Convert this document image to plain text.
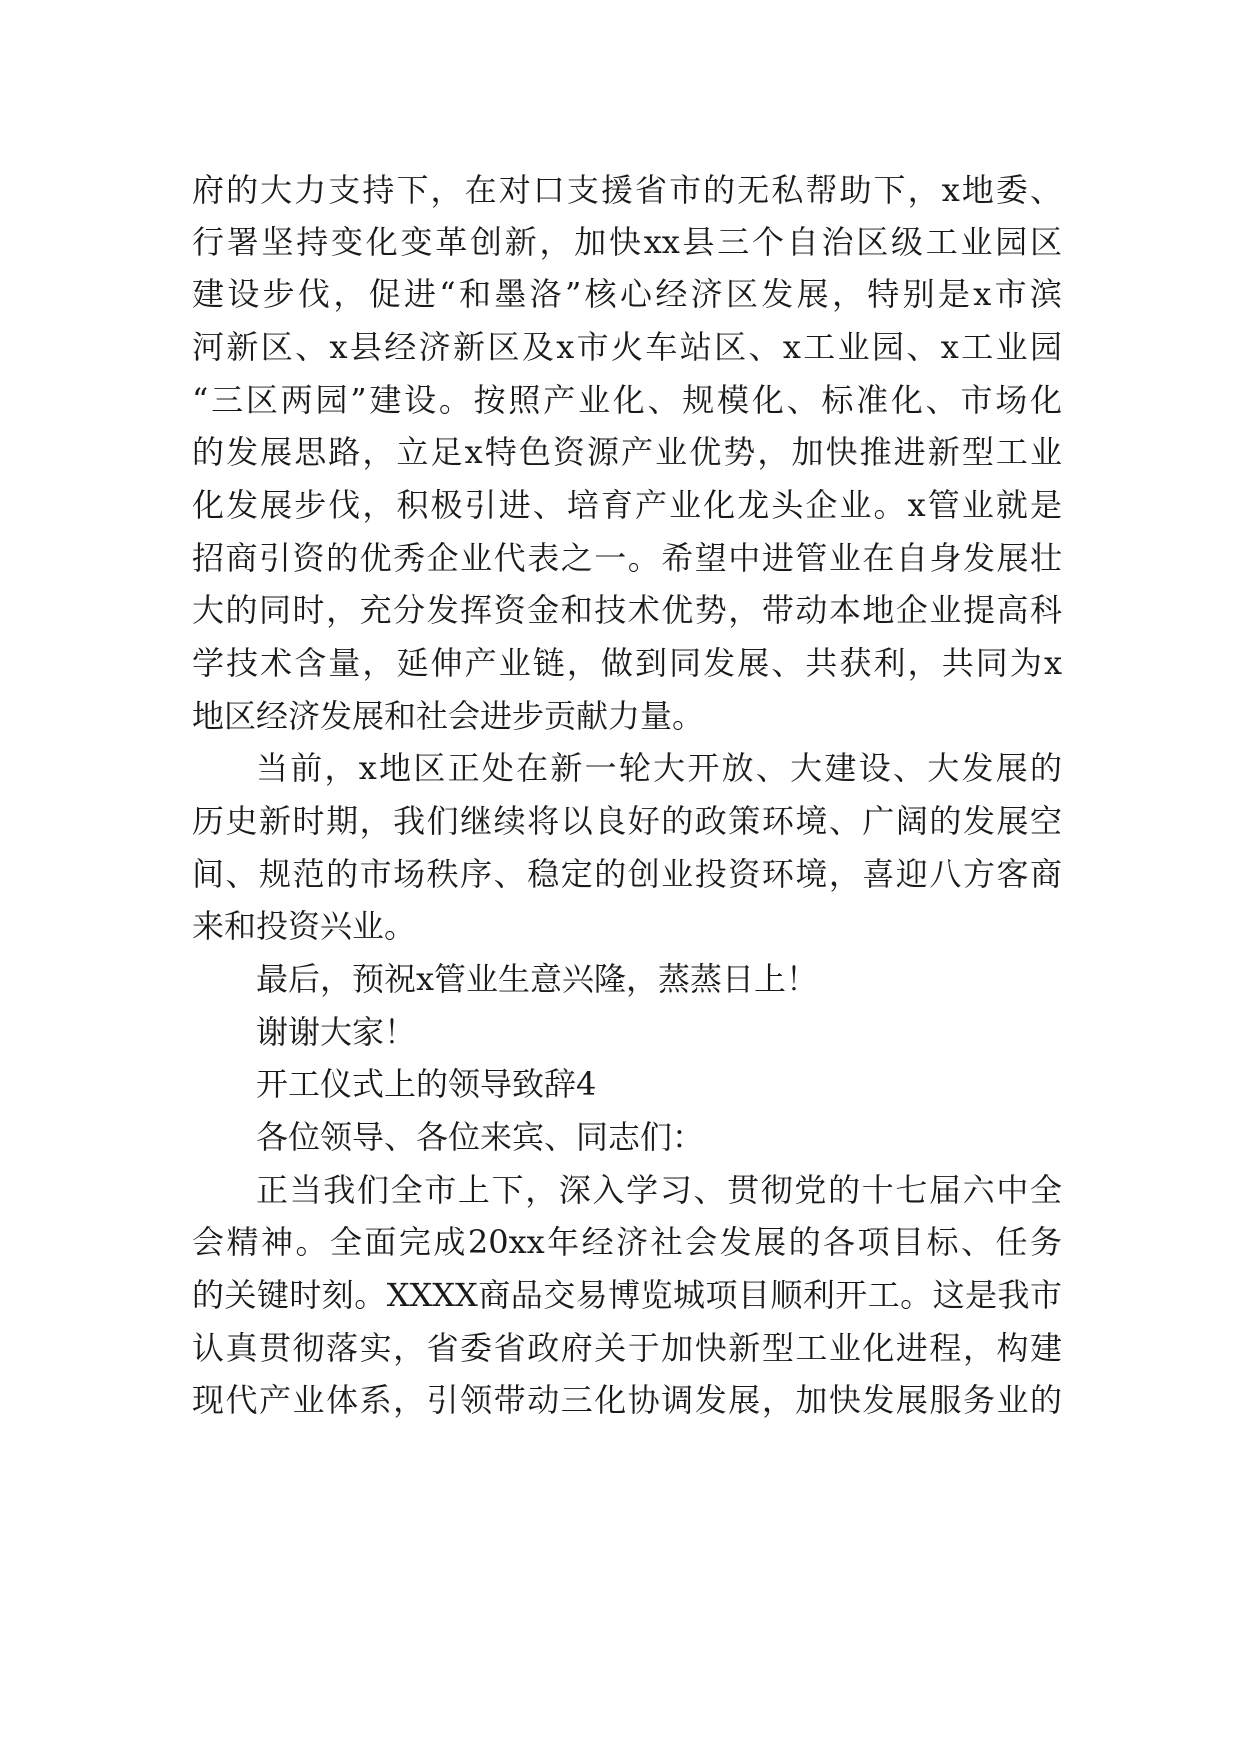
府的大力支持下，在对口支援省市的无私帮助下，x地委、
行署坚持变化变革创新，加快xx县三个自治区级工业园区
建设步伐，促进“和墨洛”核心经济区发展，特别是x市滨
河新区、x县经济新区及x市火车站区、x工业园、x工业园
“三区两园”建设。按照产业化、规模化、标准化、市场化
的发展思路，立足x特色资源产业优势，加快推进新型工业
化发展步伐，积极引进、培育产业化龙头企业。x管业就是
招商引资的优秀企业代表之一。希望中进管业在自身发展壮
大的同时，充分发挥资金和技术优势，带动本地企业提高科
学技术含量，延伸产业链，做到同发展、共获利，共同为x
地区经济发展和社会进步贡献力量。
当前，x地区正处在新一轮大开放、大建设、大发展的
历史新时期，我们继续将以良好的政策环境、广阔的发展空
间、规范的市场秩序、稳定的创业投资环境，喜迎八方客商
来和投资兴业。
最后，预祝x管业生意兴隆，蒸蒸日上！
谢谢大家！
开工仪式上的领导致辞4
各位领导、各位来宾、同志们：
正当我们全市上下，深入学习、贯彻党的十七届六中全
会精神。全面完成20xx年经济社会发展的各项目标、任务
的关键时刻。XXXX商品交易博览城项目顺利开工。这是我市
认真贯彻落实，省委省政府关于加快新型工业化进程，构建
现代产业体系，引领带动三化协调发展，加快发展服务业的
